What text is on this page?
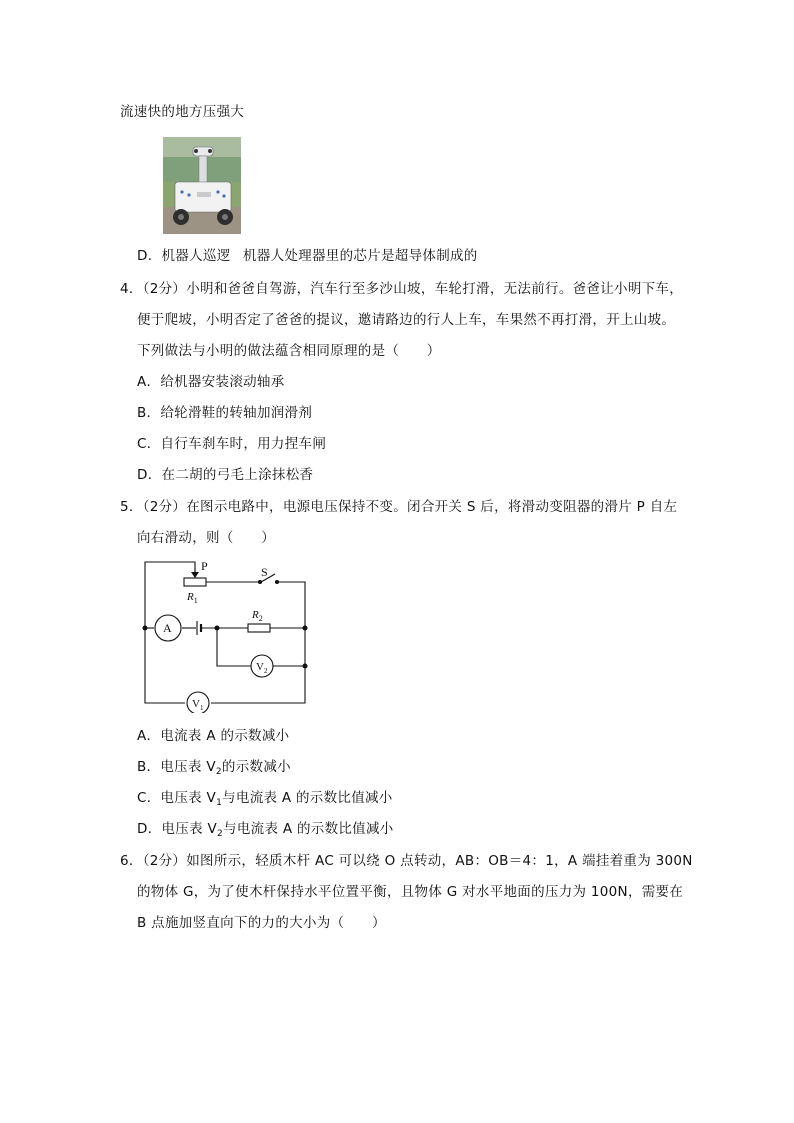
流速快的地方压强大
D．机器人巡逻 机器人处理器里的芯片是超导体制成的
4．（2分）小明和爸爸自驾游，汽车行至多沙山坡，车轮打滑，无法前行。爸爸让小明下车，
便于爬坡，小明否定了爸爸的提议，邀请路边的行人上车，车果然不再打滑，开上山坡。
下列做法与小明的做法蕴含相同原理的是（　　）
A．给机器安装滚动轴承
B．给轮滑鞋的转轴加润滑剂
C．自行车刹车时，用力捏车闸
D．在二胡的弓毛上涂抹松香
5．（2分）在图示电路中，电源电压保持不变。闭合开关 S 后，将滑动变阻器的滑片 P 自左
向右滑动，则（　　）
P	S
$R_1$
$R_2$
A
$V_2$
$V_1$
A．电流表 A 的示数减小
B．电压表 $V_2$的示数减小
C．电压表 $V_1$与电流表 A 的示数比值减小
D．电压表 $V_2$与电流表 A 的示数比值减小
6．（2分）如图所示，轻质木杆 AC 可以绕 O 点转动，AB：OB＝4：1，A 端挂着重为 300N
的物体 G，为了使木杆保持水平位置平衡，且物体 G 对水平地面的压力为 100N，需要在
B 点施加竖直向下的力的大小为（　　）
